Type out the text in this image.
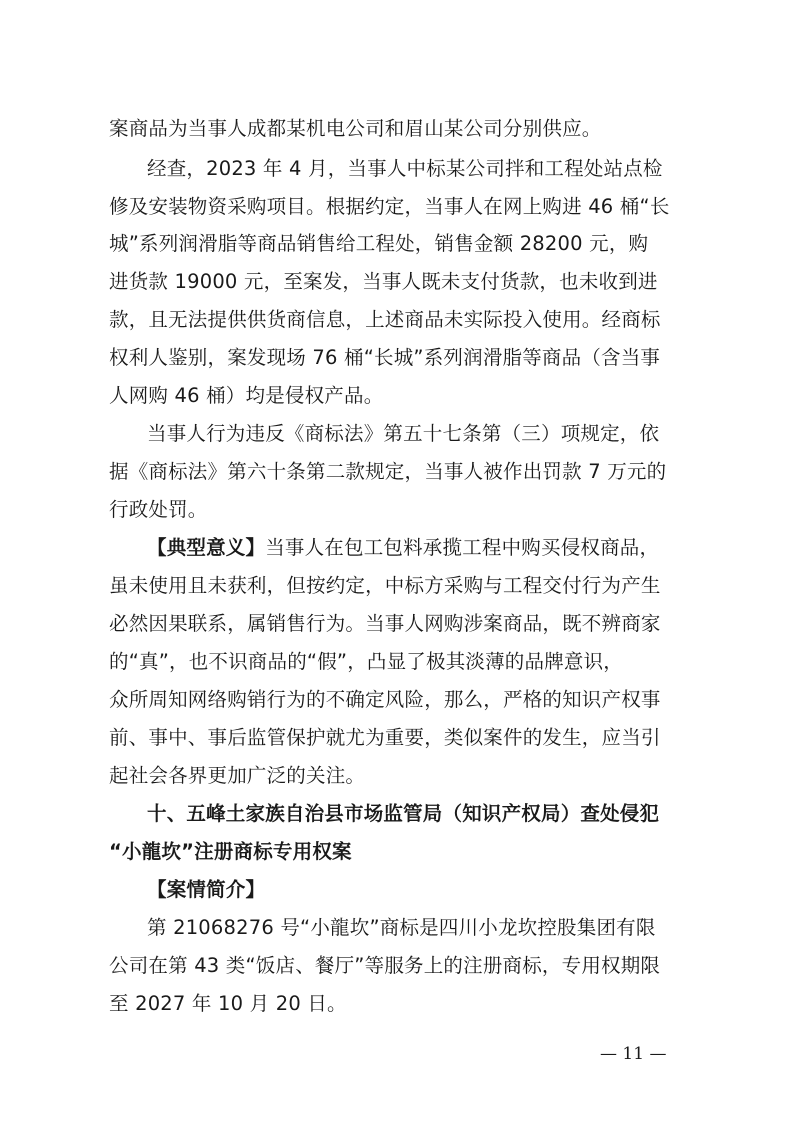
案商品为当事人成都某机电公司和眉山某公司分别供应。
经查，2023 年 4 月，当事人中标某公司拌和工程处站点检
修及安装物资采购项目。根据约定，当事人在网上购进 46 桶“长
城”系列润滑脂等商品销售给工程处，销售金额 28200 元，购
进货款 19000 元，至案发，当事人既未支付货款，也未收到进
款，且无法提供供货商信息，上述商品未实际投入使用。经商标
权利人鉴别，案发现场 76 桶“长城”系列润滑脂等商品（含当事
人网购 46 桶）均是侵权产品。
当事人行为违反《商标法》第五十七条第（三）项规定，依
据《商标法》第六十条第二款规定，当事人被作出罚款 7 万元的
行政处罚。
【典型意义】当事人在包工包料承揽工程中购买侵权商品，
虽未使用且未获利，但按约定，中标方采购与工程交付行为产生
必然因果联系，属销售行为。当事人网购涉案商品，既不辨商家
的“真”，也不识商品的“假”，凸显了极其淡薄的品牌意识，
众所周知网络购销行为的不确定风险，那么，严格的知识产权事
前、事中、事后监管保护就尤为重要，类似案件的发生，应当引
起社会各界更加广泛的关注。
十、五峰土家族自治县市场监管局（知识产权局）查处侵犯
“小龍坎”注册商标专用权案
【案情简介】
第 21068276 号“小龍坎”商标是四川小龙坎控股集团有限
公司在第 43 类“饭店、餐厅”等服务上的注册商标，专用权期限
至 2027 年 10 月 20 日。
— 11 —
